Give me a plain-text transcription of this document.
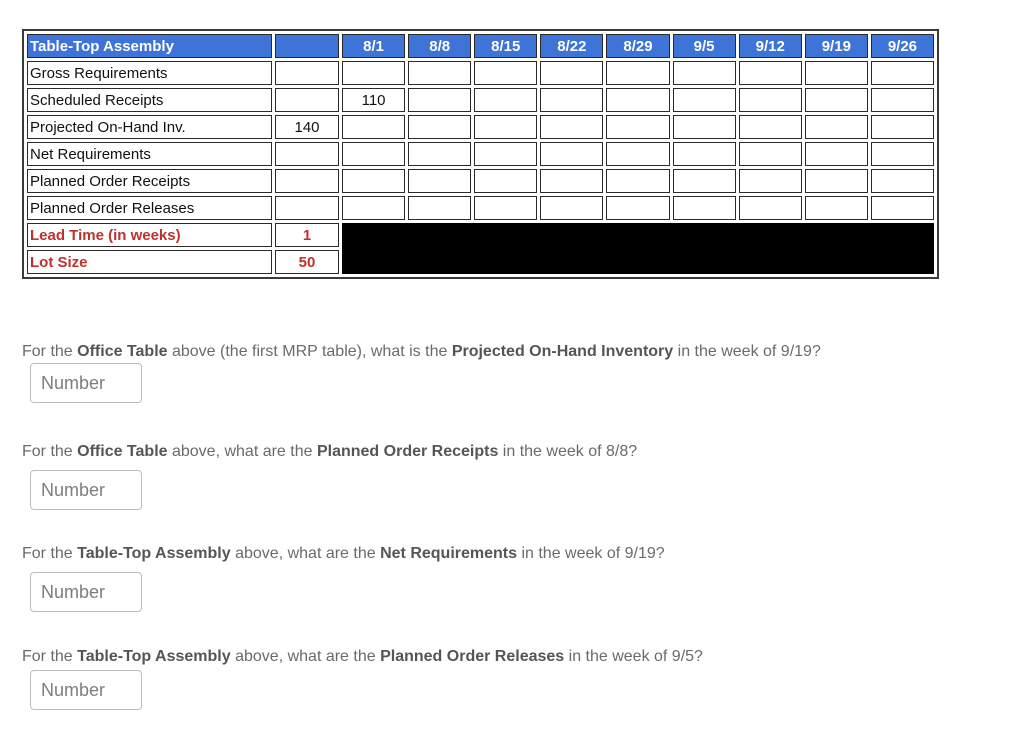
Table-Top Assembly		8/1	8/8	8/15	8/22	8/29	9/5	9/12	9/19	9/26
Gross Requirements										
Scheduled Receipts		110								
Projected On-Hand Inv.	140									
Net Requirements										
Planned Order Receipts										
Planned Order Releases										
Lead Time (in weeks)	1									
Lot Size	50									
For the Office Table above (the first MRP table), what is the Projected On-Hand Inventory in the week of 9/19?
Number
For the Office Table above, what are the Planned Order Receipts in the week of 8/8?
Number
For the Table-Top Assembly above, what are the Net Requirements in the week of 9/19?
Number
For the Table-Top Assembly above, what are the Planned Order Releases in the week of 9/5?
Number
